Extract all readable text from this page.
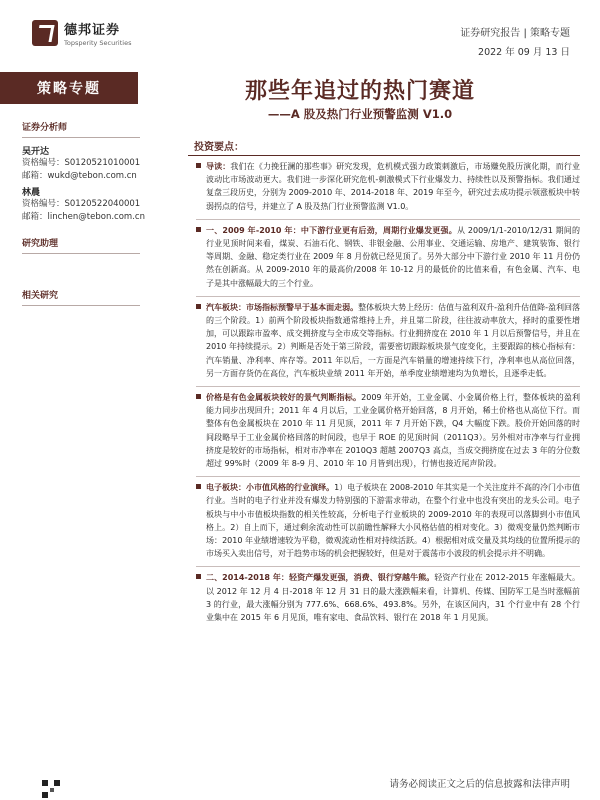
德邦证券
Topsperity Securities
证券研究报告 | 策略专题
2022 年 09 月 13 日
策略专题	那些年追过的热门赛道
——A 股及热门行业预警监测 V1.0
证券分析师
吴开达
资格编号：S0120521010001
邮箱：wukd@tebon.com.cn
林晨
资格编号：S0120522040001
邮箱：linchen@tebon.com.cn
研究助理
相关研究
投资要点：
导读：我们在《力挽狂澜的那些事》研究发现，危机模式强力政策刺激后，市场赚免股历演化期，而行业波动比市场波动更大。我们进一步深化研究危机-刺激模式下行业爆发力、持续性以及预警指标。我们通过复盘三段历史，分别为 2009-2010 年、2014-2018 年、2019 年至今，研究过去成功提示领涨板块中转弱拐点的信号，并建立了 A 股及热门行业预警监测 V1.0。
一、2009 年-2010 年：中下游行业更有后劲，周期行业爆发更强。从 2009/1/1-2010/12/31 期间的行业见顶时间来看，煤炭、石油石化、钢铁、非银金融、公用事业、交通运输、房地产、建筑装饰、银行等周期、金融、稳定类行业在 2009 年 8 月份就已经见顶了。另外大部分中下游行业 2010 年 11 月份仍然在创新高。从 2009-2010 年的最高价/2008 年 10-12 月的最低价的比值来看，有色金属、汽车、电子是其中涨幅最大的三个行业。
汽车板块：市场指标预警早于基本面走弱。整体板块大势上经历：估值与盈利双升-盈利升估值降-盈利回落的三个阶段。1）前两个阶段板块指数通常维持上升，并且第二阶段，往往波动率放大，择时的重要性增加，可以跟踪市盈率、成交拥挤度与全市成交等指标。行业拥挤度在 2010 年 1 月以后预警信号，并且在 2010 年持续提示。2）判断是否处于第三阶段，需要密切跟踪板块景气度变化，主要跟踪的核心指标有：汽车销量、净利率、库存等。2011 年以后，一方面是汽车销量的增速持续下行，净利率也从高位回落，另一方面存货仍在高位，汽车板块业绩 2011 年开始，单季度业绩增速均为负增长，且逐季走低。
价格是有色金属板块较好的景气判断指标。2009 年开始，工业金属、小金属价格上行，整体板块的盈利能力同步出现回升；2011 年 4 月以后，工业金属价格开始回落，8 月开始，稀土价格也从高位下行。而整体有色金属板块在 2010 年 11 月见顶，2011 年 7 月开始下跌，Q4 大幅度下跌。股价开始回落的时间段略早于工业金属价格回落的时间段，也早于 ROE 的见顶时间（2011Q3）。另外相对市净率与行业拥挤度是较好的市场指标，相对市净率在 2010Q3 超越 2007Q3 高点，当成交拥挤度在过去 3 年的分位数超过 99%时（2009 年 8-9 月、2010 年 10 月皆到出现），行情也接近尾声阶段。
电子板块：小市值风格的行业演绎。1）电子板块在 2008-2010 年其实是一个关注度并不高的冷门小市值行业。当时的电子行业并没有爆发力特别强的下游需求带动，在整个行业中也没有突出的龙头公司。电子板块与中小市值板块指数的相关性较高，分析电子行业板块的 2009-2010 年的表现可以落脚到小市值风格上。2）自上而下，通过剩余流动性可以前瞻性解释大小风格估值的相对变化。3）微观变量仍然判断市场：2010 年业绩增速较为平稳，微观流动性相对持续活跃。4）根据相对成交量及其均线的位置所提示的市场买入卖出信号，对于趋势市场的机会把握较好，但是对于震荡市小波段的机会提示并不明确。
二、2014-2018 年：轻资产爆发更强，消费、银行穿越牛熊。轻资产行业在 2012-2015 年涨幅最大。以 2012 年 12 月 4 日-2018 年 12 月 31 日的最大涨跌幅来看，计算机、传媒、国防军工是当时涨幅前 3 的行业，最大涨幅分别为 777.6%、668.6%、493.8%。另外，在该区间内，31 个行业中有 28 个行业集中在 2015 年 6 月见顶，唯有家电、食品饮料、银行在 2018 年 1 月见顶。
请务必阅读正文之后的信息披露和法律声明
